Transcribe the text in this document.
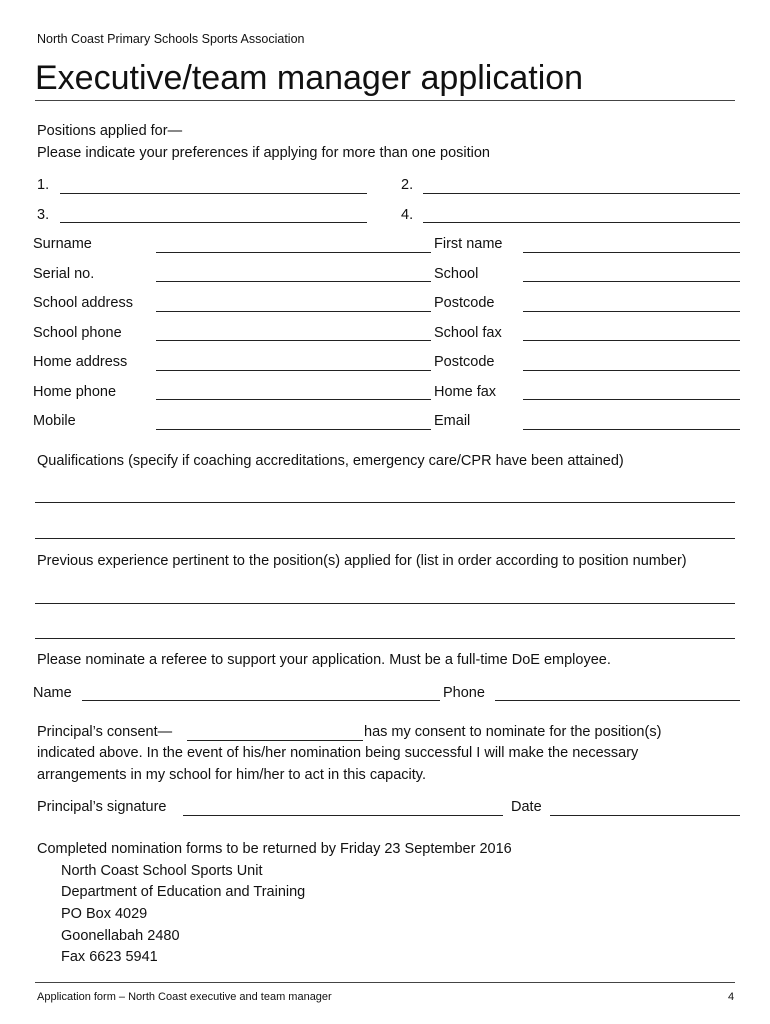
North Coast Primary Schools Sports Association
Executive/team manager application
Positions applied for—
Please indicate your preferences if applying for more than one position
1.	2.
3.	4.
Surname	First name
Serial no.	School
School address	Postcode
School phone	School fax
Home address	Postcode
Home phone	Home fax
Mobile	Email
Qualifications (specify if coaching accreditations, emergency care/CPR have been attained)
Previous experience pertinent to the position(s) applied for (list in order according to position number)
Please nominate a referee to support your application. Must be a full-time DoE employee.
Name	Phone
Principal’s consent—	has my consent to nominate for the position(s)
indicated above. In the event of his/her nomination being successful I will make the necessary
arrangements in my school for him/her to act in this capacity.
Principal’s signature	Date
Completed nomination forms to be returned by Friday 23 September 2016
North Coast School Sports Unit
Department of Education and Training
PO Box 4029
Goonellabah 2480
Fax 6623 5941
Application form – North Coast executive and team manager	4
